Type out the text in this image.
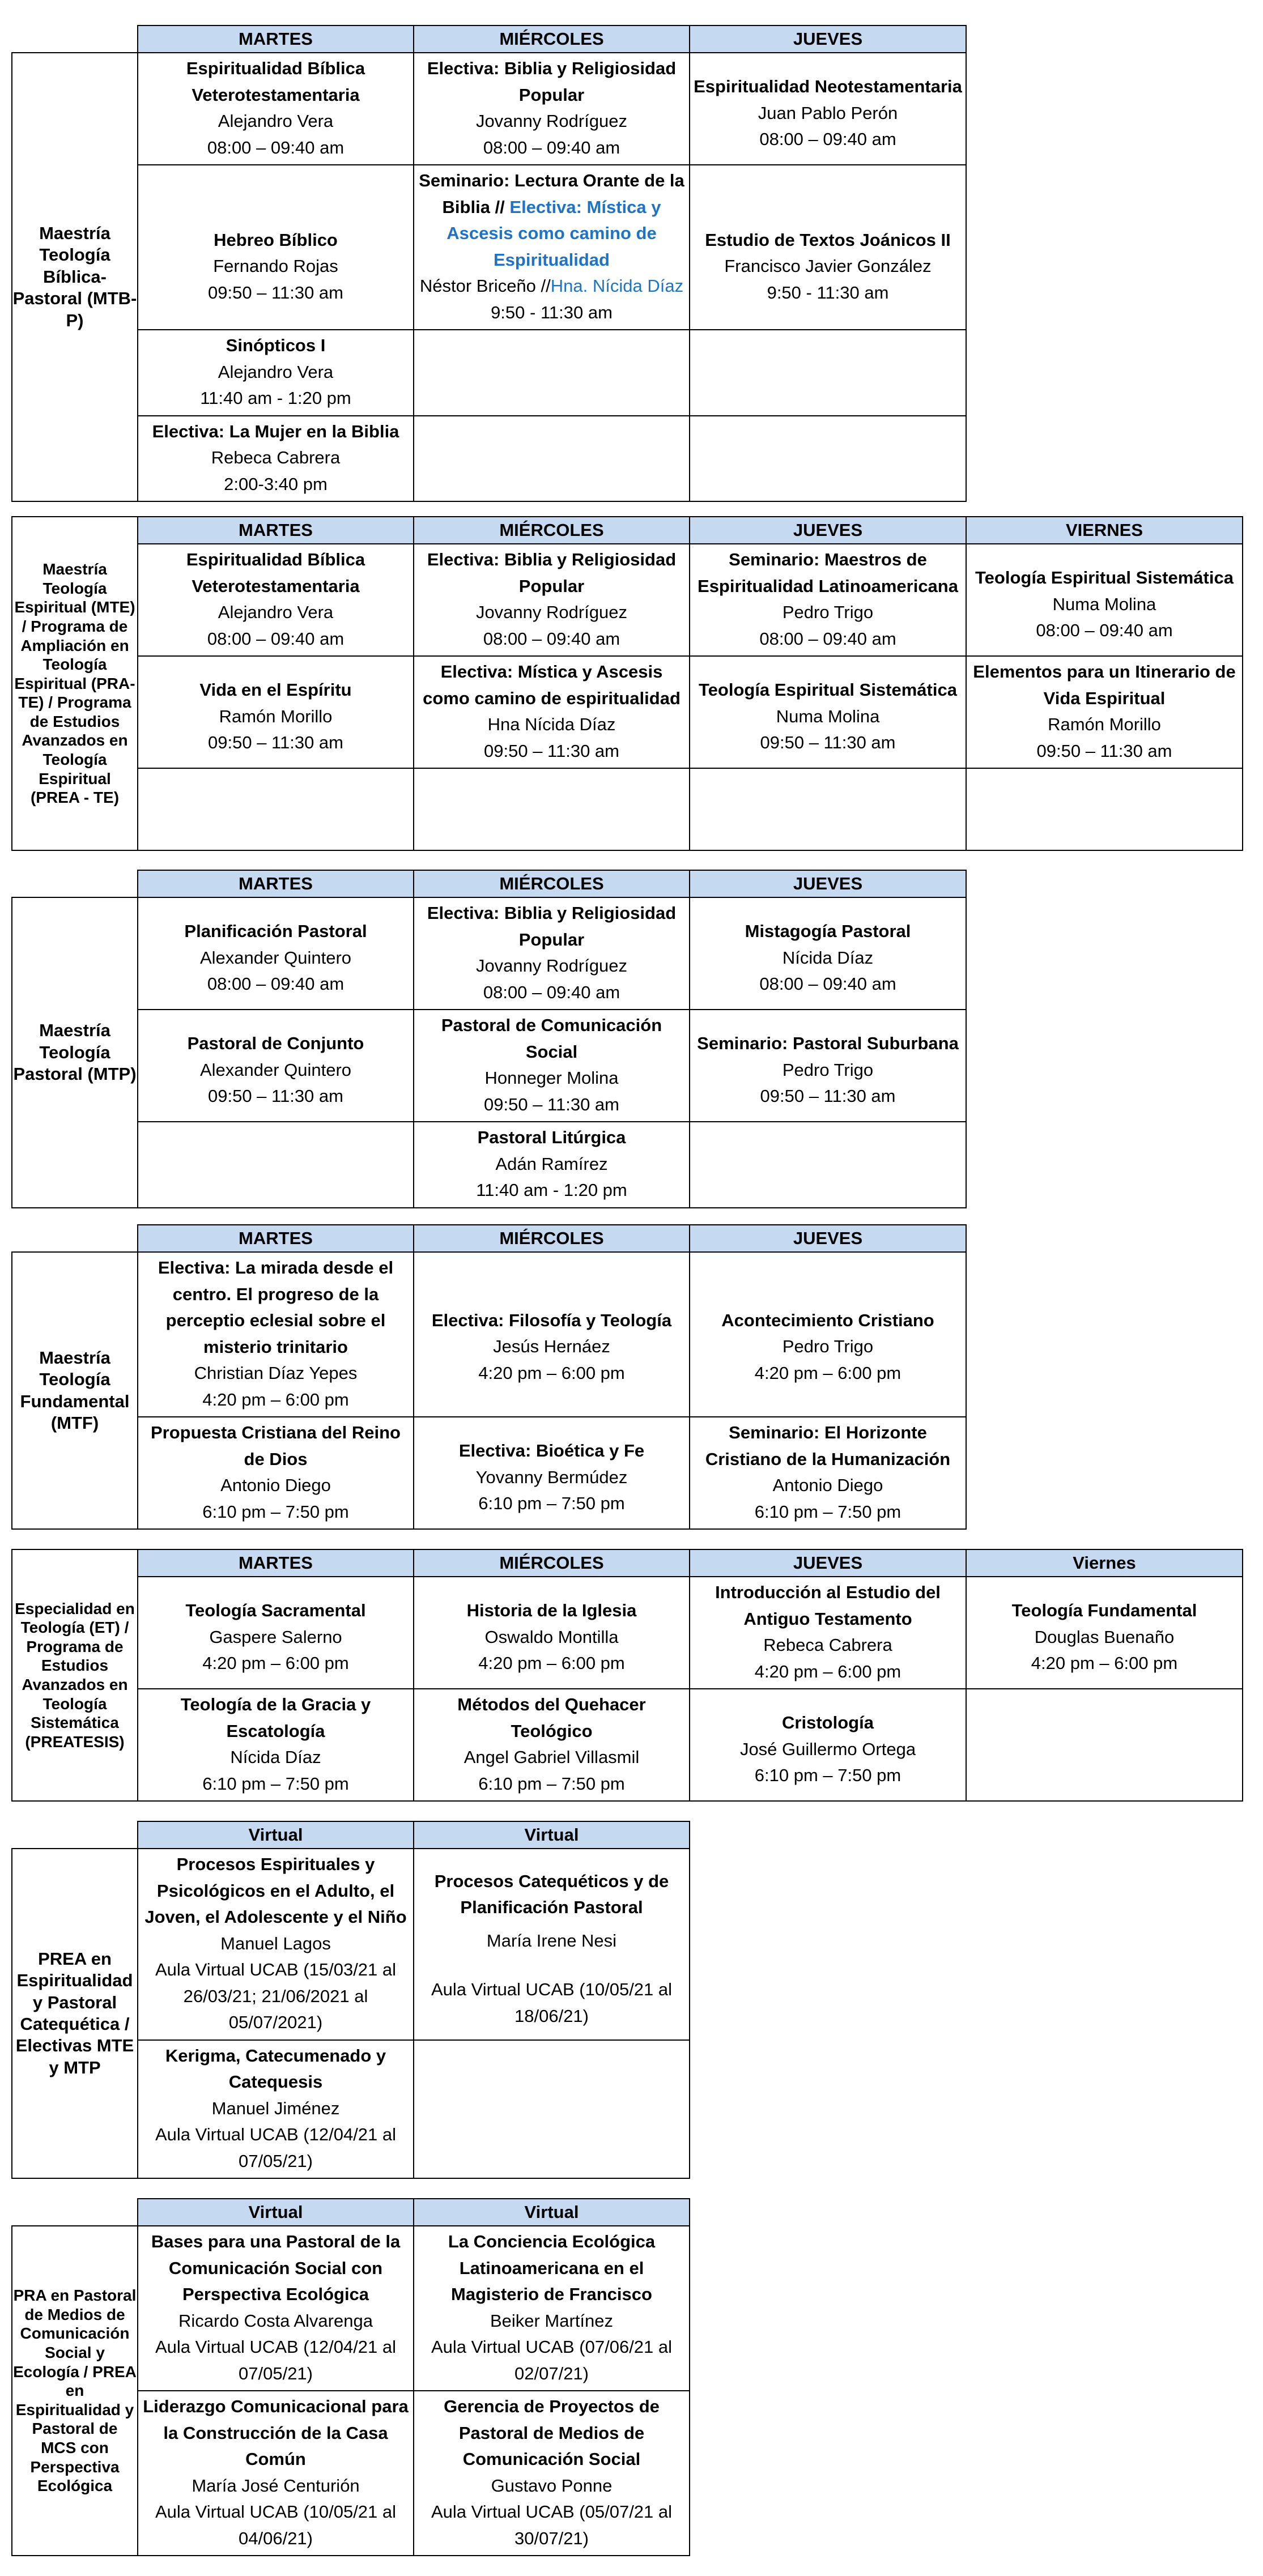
	MARTES	MIÉRCOLES	JUEVES
Maestría Teología Bíblica-Pastoral (MTB-P)	Espiritualidad Bíblica Veterotestamentaria
Alejandro Vera
08:00 – 09:40 am	Electiva: Biblia y Religiosidad Popular
Jovanny Rodríguez
08:00 – 09:40 am	Espiritualidad Neotestamentaria
Juan Pablo Perón
08:00 – 09:40 am

	Hebreo Bíblico
Fernando Rojas
09:50 – 11:30 am	Seminario: Lectura Orante de la Biblia // Electiva: Mística y Ascesis como camino de Espiritualidad
Néstor Briceño //Hna. Nícida Díaz
9:50 - 11:30 am	Estudio de Textos Joánicos II
Francisco Javier González
9:50 - 11:30 am

	Sinópticos I
Alejandro Vera
11:40 am - 1:20 pm		

	Electiva: La Mujer en la Biblia
Rebeca Cabrera
2:00-3:40 pm		

Maestría Teología Espiritual (MTE) / Programa de Ampliación en Teología Espiritual (PRA-TE) / Programa de Estudios Avanzados en Teología Espiritual (PREA - TE)	MARTES	MIÉRCOLES	JUEVES	VIERNES

	Espiritualidad Bíblica Veterotestamentaria
Alejandro Vera
08:00 – 09:40 am	Electiva: Biblia y Religiosidad Popular
Jovanny Rodríguez
08:00 – 09:40 am	Seminario: Maestros de Espiritualidad Latinoamericana
Pedro Trigo
08:00 – 09:40 am	Teología Espiritual Sistemática
Numa Molina
08:00 – 09:40 am

	Vida en el Espíritu
Ramón Morillo
09:50 – 11:30 am	Electiva: Mística y Ascesis como camino de espiritualidad
Hna Nícida Díaz
09:50 – 11:30 am	Teología Espiritual Sistemática
Numa Molina
09:50 – 11:30 am	Elementos para un Itinerario de Vida Espiritual
Ramón Morillo
09:50 – 11:30 am

	MARTES	MIÉRCOLES	JUEVES
Maestría Teología Pastoral (MTP)	Planificación Pastoral
Alexander Quintero
08:00 – 09:40 am	Electiva: Biblia y Religiosidad Popular
Jovanny Rodríguez
08:00 – 09:40 am	Mistagogía Pastoral
Nícida Díaz
08:00 – 09:40 am

	Pastoral de Conjunto
Alexander Quintero
09:50 – 11:30 am	Pastoral de Comunicación Social
Honneger Molina
09:50 – 11:30 am	Seminario: Pastoral Suburbana
Pedro Trigo
09:50 – 11:30 am

		Pastoral Litúrgica
Adán Ramírez
11:40 am - 1:20 pm	

	MARTES	MIÉRCOLES	JUEVES
Maestría Teología Fundamental (MTF)	Electiva: La mirada desde el centro. El progreso de la perceptio eclesial sobre el misterio trinitario
Christian Díaz Yepes
4:20 pm – 6:00 pm	Electiva: Filosofía y Teología
Jesús Hernáez
4:20 pm – 6:00 pm	Acontecimiento Cristiano
Pedro Trigo
4:20 pm – 6:00 pm

	Propuesta Cristiana del Reino de Dios
Antonio Diego
6:10 pm – 7:50 pm	Electiva: Bioética y Fe
Yovanny Bermúdez
6:10 pm – 7:50 pm	Seminario: El Horizonte Cristiano de la Humanización
Antonio Diego
6:10 pm – 7:50 pm
Especialidad en Teología (ET) / Programa de Estudios Avanzados en Teología Sistemática (PREATESIS)	MARTES	MIÉRCOLES	JUEVES	Viernes

	Teología Sacramental
Gaspere Salerno
4:20 pm – 6:00 pm	Historia de la Iglesia
Oswaldo Montilla
4:20 pm – 6:00 pm	Introducción al Estudio del Antiguo Testamento
Rebeca Cabrera
4:20 pm – 6:00 pm	Teología Fundamental
Douglas Buenaño
4:20 pm – 6:00 pm

	Teología de la Gracia y Escatología
Nícida Díaz
6:10 pm – 7:50 pm	Métodos del Quehacer Teológico
Angel Gabriel Villasmil
6:10 pm – 7:50 pm	Cristología
José Guillermo Ortega
6:10 pm – 7:50 pm	

	Virtual	Virtual
PREA en Espiritualidad y Pastoral Catequética / Electivas MTE y MTP	Procesos Espirituales y Psicológicos en el Adulto, el Joven, el Adolescente y el Niño
Manuel Lagos
Aula Virtual UCAB (15/03/21 al 26/03/21; 21/06/2021 al 05/07/2021)	Procesos Catequéticos y de Planificación Pastoral
María Irene Nesi
Aula Virtual UCAB (10/05/21 al 18/06/21)

	Kerigma, Catecumenado y Catequesis
Manuel Jiménez
Aula Virtual UCAB (12/04/21 al 07/05/21)	

	Virtual	Virtual
PRA en Pastoral de Medios de Comunicación Social y Ecología / PREA en Espiritualidad y Pastoral de MCS con Perspectiva Ecológica	Bases para una Pastoral de la Comunicación Social con Perspectiva Ecológica
Ricardo Costa Alvarenga
Aula Virtual UCAB (12/04/21 al 07/05/21)	La Conciencia Ecológica Latinoamericana en el Magisterio de Francisco
Beiker Martínez
Aula Virtual UCAB (07/06/21 al 02/07/21)

	Liderazgo Comunicacional para la Construcción de la Casa Común
María José Centurión
Aula Virtual UCAB (10/05/21 al 04/06/21)	Gerencia de Proyectos de Pastoral de Medios de Comunicación Social
Gustavo Ponne
Aula Virtual UCAB (05/07/21 al 30/07/21)
